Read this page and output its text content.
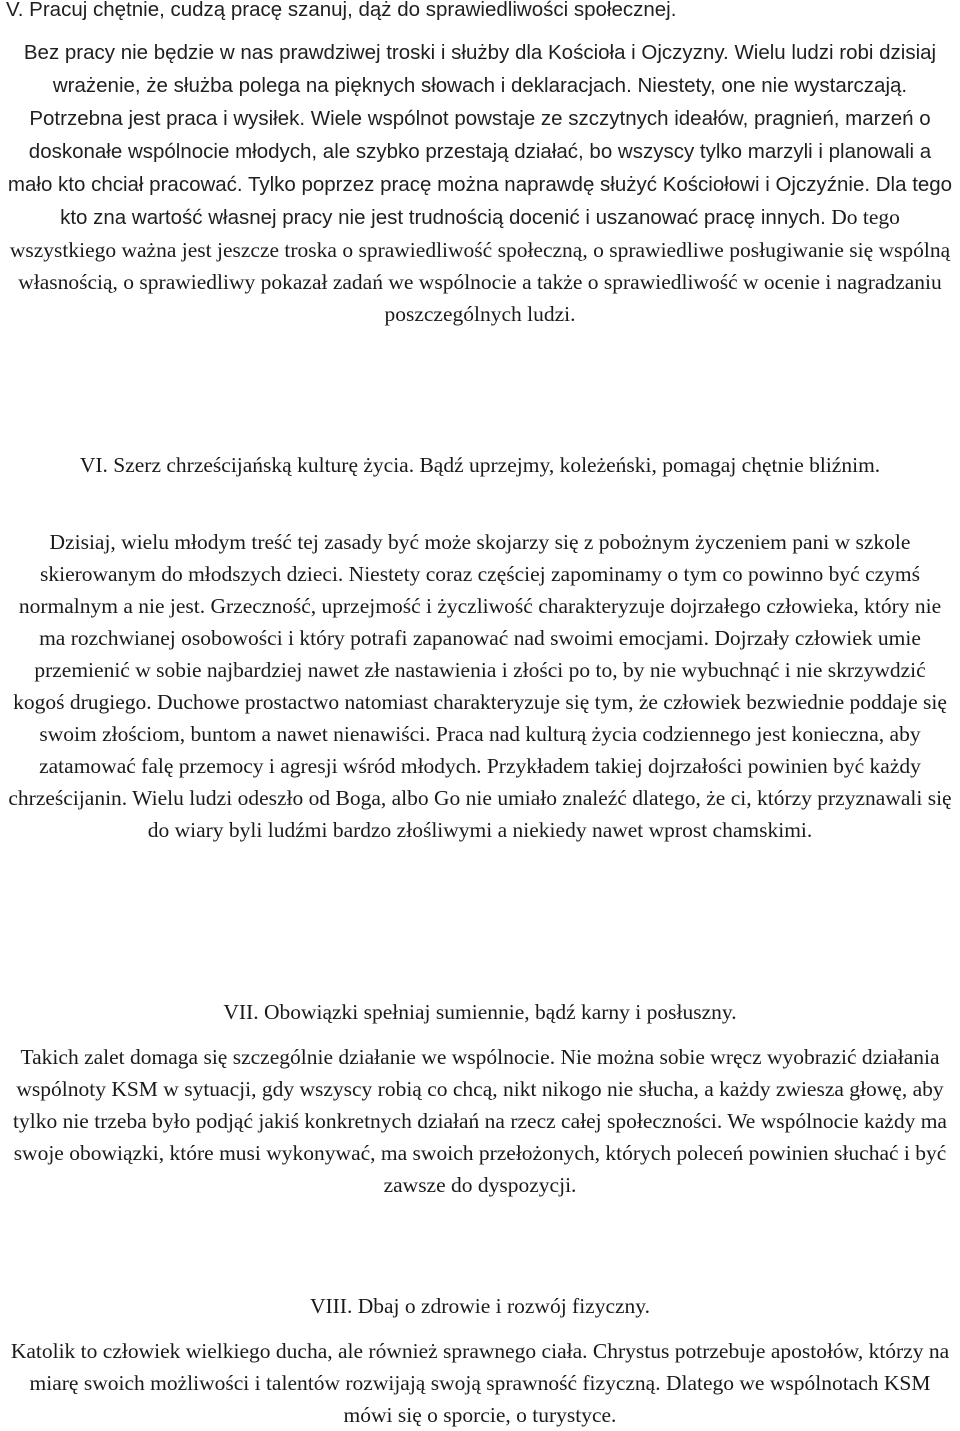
V. Pracuj chętnie, cudzą pracę szanuj, dąż do sprawiedliwości społecznej.

Bez pracy nie będzie w nas prawdziwej troski i służby dla Kościoła i Ojczyzny. Wielu ludzi robi dzisiaj wrażenie, że służba polega na pięknych słowach i deklaracjach. Niestety, one nie wystarczają. Potrzebna jest praca i wysiłek. Wiele wspólnot powstaje ze szczytnych ideałów, pragnień, marzeń o doskonałe wspólnocie młodych, ale szybko przestają działać, bo wszyscy tylko marzyli i planowali a mało kto chciał pracować. Tylko poprzez pracę można naprawdę służyć Kościołowi i Ojczyźnie. Dla tego kto zna wartość własnej pracy nie jest trudnością docenić i uszanować pracę innych. Do tego wszystkiego ważna jest jeszcze troska o sprawiedliwość społeczną, o sprawiedliwe posługiwanie się wspólną własnością, o sprawiedliwy pokazał zadań we wspólnocie a także o sprawiedliwość w ocenie i nagradzaniu poszczególnych ludzi.

VI. Szerz chrześcijańską kulturę życia. Bądź uprzejmy, koleżeński, pomagaj chętnie bliźnim.

Dzisiaj, wielu młodym treść tej zasady być może skojarzy się z pobożnym życzeniem pani w szkole skierowanym do młodszych dzieci. Niestety coraz częściej zapominamy o tym co powinno być czymś normalnym a nie jest. Grzeczność, uprzejmość i życzliwość charakteryzuje dojrzałego człowieka, który nie ma rozchwianej osobowości i który potrafi zapanować nad swoimi emocjami. Dojrzały człowiek umie przemienić w sobie najbardziej nawet złe nastawienia i złości po to, by nie wybuchnąć i nie skrzywdzić kogoś drugiego. Duchowe prostactwo natomiast charakteryzuje się tym, że człowiek bezwiednie poddaje się swoim złościom, buntom a nawet nienawiści. Praca nad kulturą życia codziennego jest konieczna, aby zatamować falę przemocy i agresji wśród młodych. Przykładem takiej dojrzałości powinien być każdy chrześcijanin. Wielu ludzi odeszło od Boga, albo Go nie umiało znaleźć dlatego, że ci, którzy przyznawali się do wiary byli ludźmi bardzo złośliwymi a niekiedy nawet wprost chamskimi.

VII. Obowiązki spełniaj sumiennie, bądź karny i posłuszny.

Takich zalet domaga się szczególnie działanie we wspólnocie. Nie można sobie wręcz wyobrazić działania wspólnoty KSM w sytuacji, gdy wszyscy robią co chcą, nikt nikogo nie słucha, a każdy zwiesza głowę, aby tylko nie trzeba było podjąć jakiś konkretnych działań na rzecz całej społeczności. We wspólnocie każdy ma swoje obowiązki, które musi wykonywać, ma swoich przełożonych, których poleceń powinien słuchać i być zawsze do dyspozycji.

VIII. Dbaj o zdrowie i rozwój fizyczny.

Katolik to człowiek wielkiego ducha, ale również sprawnego ciała. Chrystus potrzebuje apostołów, którzy na miarę swoich możliwości i talentów rozwijają swoją sprawność fizyczną. Dlatego we wspólnotach KSM mówi się o sporcie, o turystyce.
